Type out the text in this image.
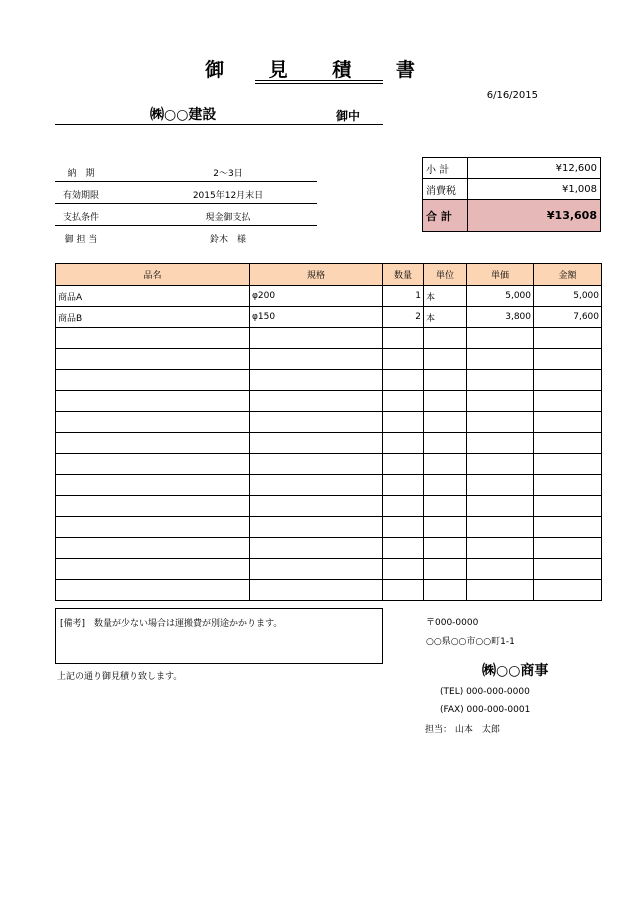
御 見 積 書
6/16/2015
㈱○○建設	御中
納　期	2～3日
有効期限	2015年12月末日
支払条件	現金御支払
御 担 当	鈴木　様
小 計	¥12,600
消費税	¥1,008
合 計	¥13,608
品名	規格	数量	単位	単価	金額
商品A	φ200	1	本	5,000	5,000
商品B	φ150	2	本	3,800	7,600

[備考]　数量が少ない場合は運搬費が別途かかります。
上記の通り御見積り致します。
〒000-0000
○○県○○市○○町1-1
㈱○○商事
(TEL) 000-000-0000
(FAX) 000-000-0001
担当： 山本　太郎
